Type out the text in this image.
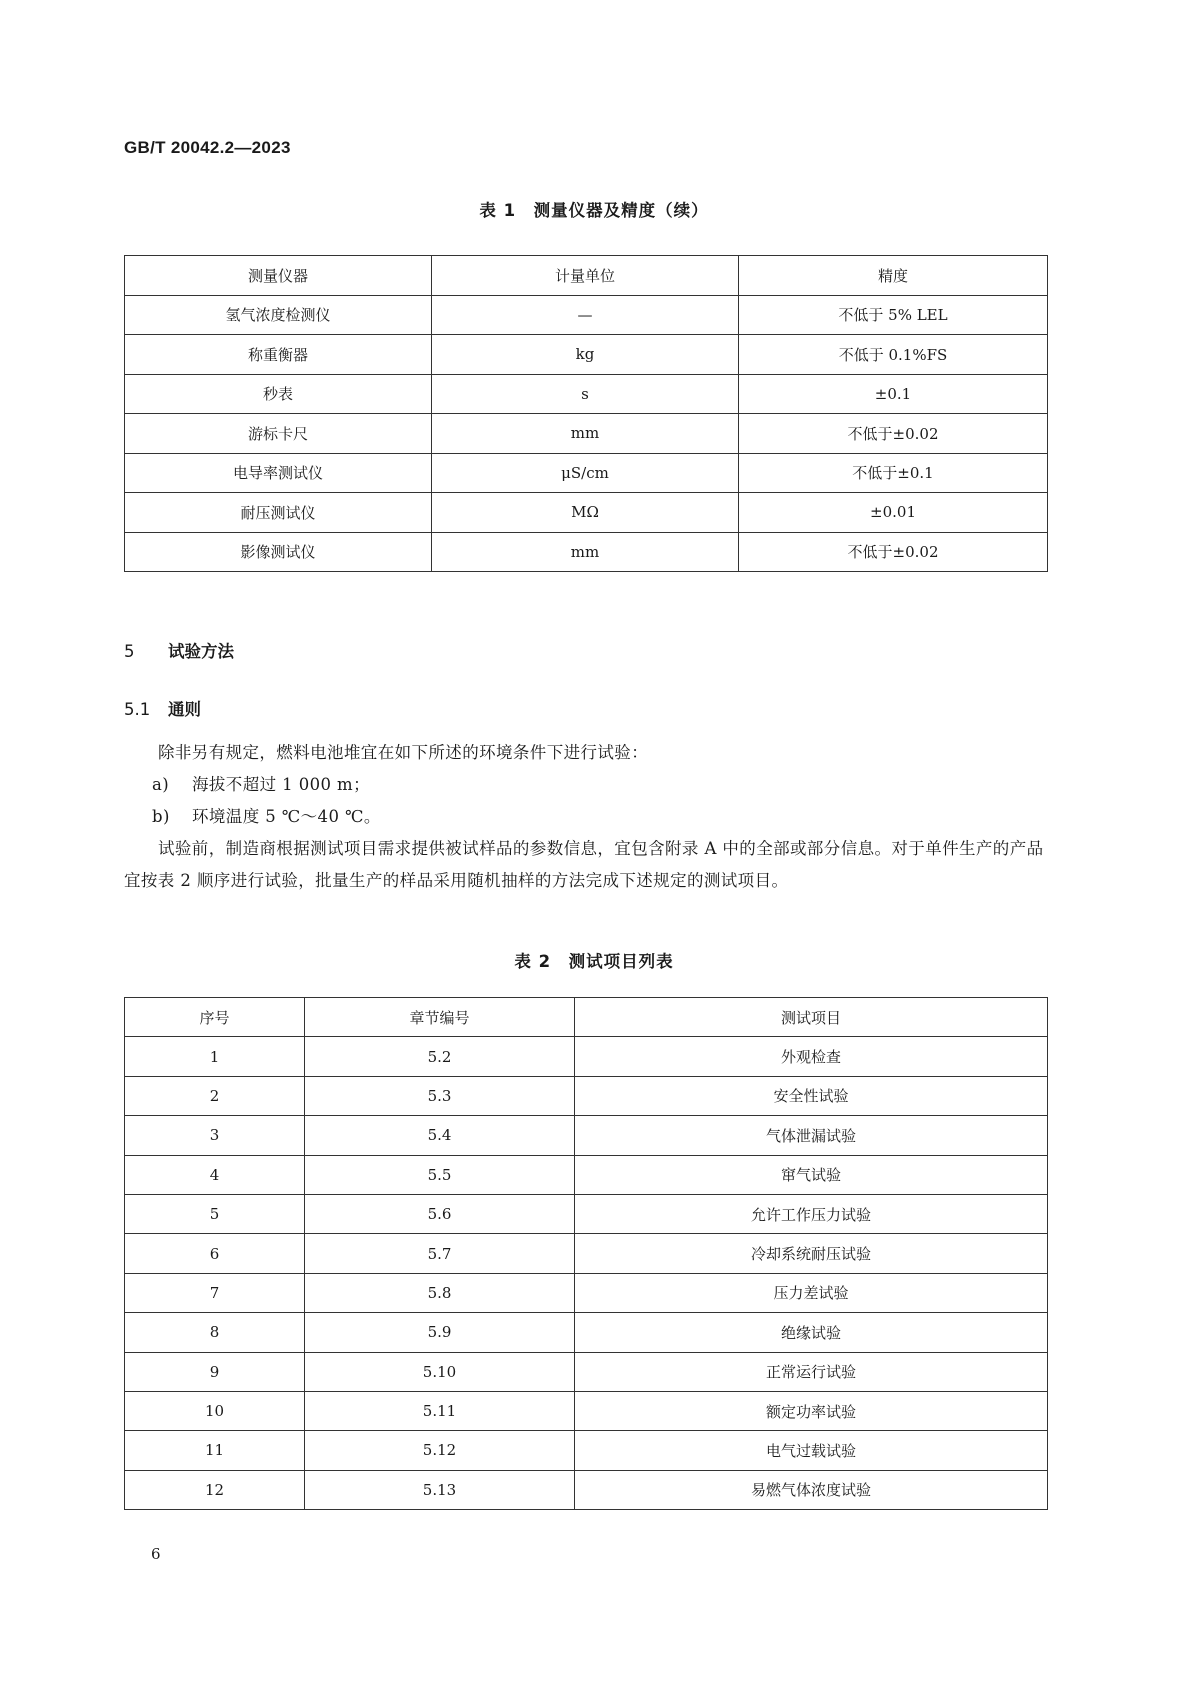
GB/T 20042.2—2023
表 1　测量仪器及精度（续）
测量仪器	计量单位	精度
氢气浓度检测仪	—	不低于 5% LEL
称重衡器	kg	不低于 0.1%FS
秒表	s	±0.1
游标卡尺	mm	不低于±0.02
电导率测试仪	μS/cm	不低于±0.1
耐压测试仪	MΩ	±0.01
影像测试仪	mm	不低于±0.02
5 试验方法
5.1 通则
除非另有规定，燃料电池堆宜在如下所述的环境条件下进行试验：
a) 海拔不超过 1 000 m；
b) 环境温度 5 ℃～40 ℃。
试验前，制造商根据测试项目需求提供被试样品的参数信息，宜包含附录 A 中的全部或部分信息。对于单件生产的产品宜按表 2 顺序进行试验，批量生产的样品采用随机抽样的方法完成下述规定的测试项目。
表 2　测试项目列表
序号	章节编号	测试项目
1	5.2	外观检查
2	5.3	安全性试验
3	5.4	气体泄漏试验
4	5.5	窜气试验
5	5.6	允许工作压力试验
6	5.7	冷却系统耐压试验
7	5.8	压力差试验
8	5.9	绝缘试验
9	5.10	正常运行试验
10	5.11	额定功率试验
11	5.12	电气过载试验
12	5.13	易燃气体浓度试验
6
